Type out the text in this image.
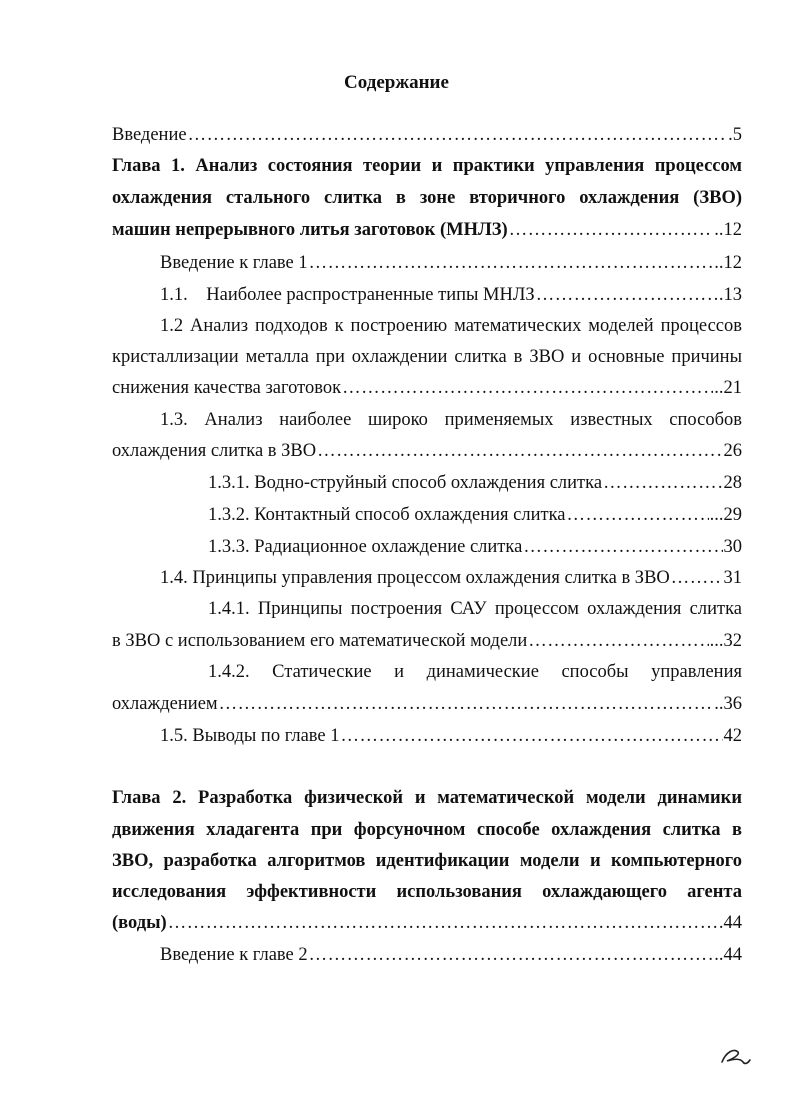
Содержание
Введение …………………………………………………………………………………………………………………………………………………………………	.5
Глава 1. Анализ состояния теории и практики управления процессом
охлаждения стального слитка в зоне вторичного охлаждения (ЗВО)
машин непрерывного литья заготовок (МНЛЗ) …………………………………………………………………………………………………………………………………………………………………	..12
Введение к главе 1 …………………………………………………………………………………………………………………………………………………………………	..12
1.1.    Наиболее распространенные типы МНЛЗ …………………………………………………………………………………………………………………………………………………………………	.13
1.2 Анализ подходов к построению математических моделей процессов
кристаллизации металла при охлаждении слитка в ЗВО и основные причины
снижения качества заготовок …………………………………………………………………………………………………………………………………………………………………	..21
1.3. Анализ наиболее широко применяемых известных способов
охлаждения слитка в ЗВО …………………………………………………………………………………………………………………………………………………………………	26
1.3.1. Водно-струйный способ охлаждения слитка …………………………………………………………………………………………………………………………………………………………………	28
1.3.2. Контактный способ охлаждения слитка …………………………………………………………………………………………………………………………………………………………………	...29
1.3.3. Радиационное охлаждение слитка …………………………………………………………………………………………………………………………………………………………………	30
1.4. Принципы управления процессом охлаждения слитка в ЗВО …………………………………………………………………………………………………………………………………………………………………	31
1.4.1. Принципы построения САУ процессом охлаждения слитка
в ЗВО с использованием его математической модели …………………………………………………………………………………………………………………………………………………………………	...32
1.4.2. Статические и динамические способы управления
охлаждением …………………………………………………………………………………………………………………………………………………………………	..36
1.5. Выводы по главе 1 …………………………………………………………………………………………………………………………………………………………………	42
Глава 2. Разработка физической и математической модели динамики
движения хладагента при форсуночном способе охлаждения слитка в
ЗВО, разработка алгоритмов идентификации модели и компьютерного
исследования эффективности использования охлаждающего агента
(воды) …………………………………………………………………………………………………………………………………………………………………	.44
Введение к главе 2 …………………………………………………………………………………………………………………………………………………………………	..44
